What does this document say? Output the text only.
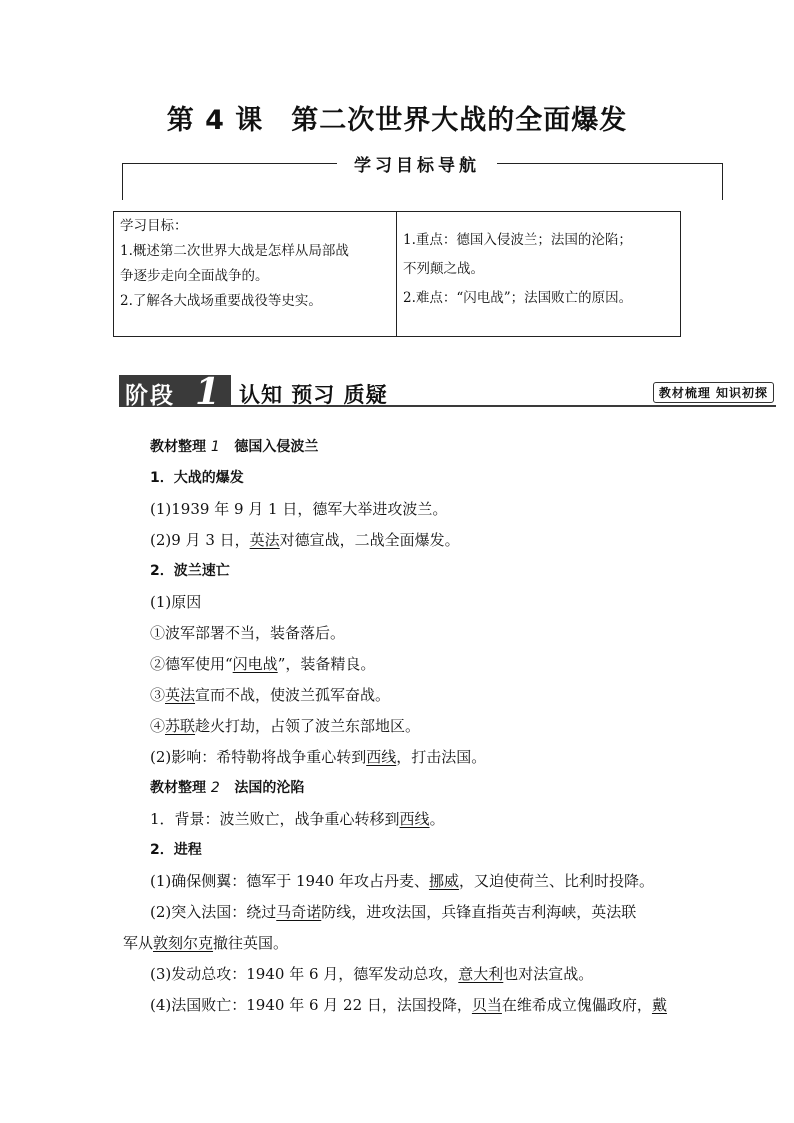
第 4 课　第二次世界大战的全面爆发
学习目标导航
学习目标：
1.概述第二次世界大战是怎样从局部战
争逐步走向全面战争的。
2.了解各大战场重要战役等史实。
1.重点：德国入侵波兰；法国的沦陷；
不列颠之战。
2.难点：“闪电战”；法国败亡的原因。
阶段 1 认知 预习 质疑	教材梳理 知识初探
教材整理 1 德国入侵波兰
1．大战的爆发
(1)1939 年 9 月 1 日，德军大举进攻波兰。
(2)9 月 3 日，英法对德宣战，二战全面爆发。
2．波兰速亡
(1)原因
①波军部署不当，装备落后。
②德军使用“闪电战”，装备精良。
③英法宣而不战，使波兰孤军奋战。
④苏联趁火打劫，占领了波兰东部地区。
(2)影响：希特勒将战争重心转到西线，打击法国。
教材整理 2 法国的沦陷
1．背景：波兰败亡，战争重心转移到西线。
2．进程
(1)确保侧翼：德军于 1940 年攻占丹麦、挪威，又迫使荷兰、比利时投降。
(2)突入法国：绕过马奇诺防线，进攻法国，兵锋直指英吉利海峡，英法联
军从敦刻尔克撤往英国。
(3)发动总攻：1940 年 6 月，德军发动总攻，意大利也对法宣战。
(4)法国败亡：1940 年 6 月 22 日，法国投降，贝当在维希成立傀儡政府，戴
